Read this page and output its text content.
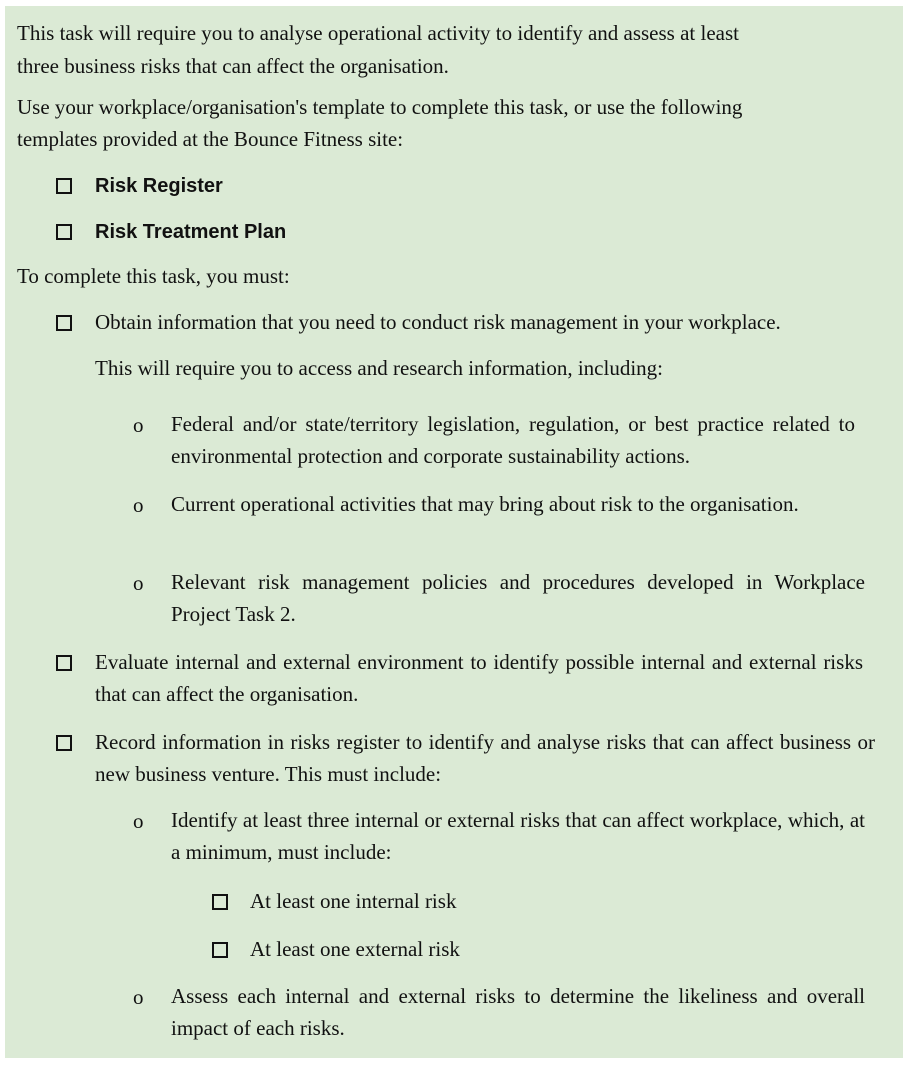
This task will require you to analyse operational activity to identify and assess at least
three business risks that can affect the organisation.
Use your workplace/organisation's template to complete this task, or use the following
templates provided at the Bounce Fitness site:
Risk Register
Risk Treatment Plan
To complete this task, you must:
Obtain information that you need to conduct risk management in your workplace.
This will require you to access and research information, including:
o Federal and/or state/territory legislation, regulation, or best practice related to environmental protection and corporate sustainability actions.
o Current operational activities that may bring about risk to the organisation.
o Relevant risk management policies and procedures developed in Workplace Project Task 2.
Evaluate internal and external environment to identify possible internal and external risks that can affect the organisation.
Record information in risks register to identify and analyse risks that can affect business or new business venture. This must include:
o Identify at least three internal or external risks that can affect workplace, which, at a minimum, must include:
At least one internal risk
At least one external risk
o Assess each internal and external risks to determine the likeliness and overall impact of each risks.
